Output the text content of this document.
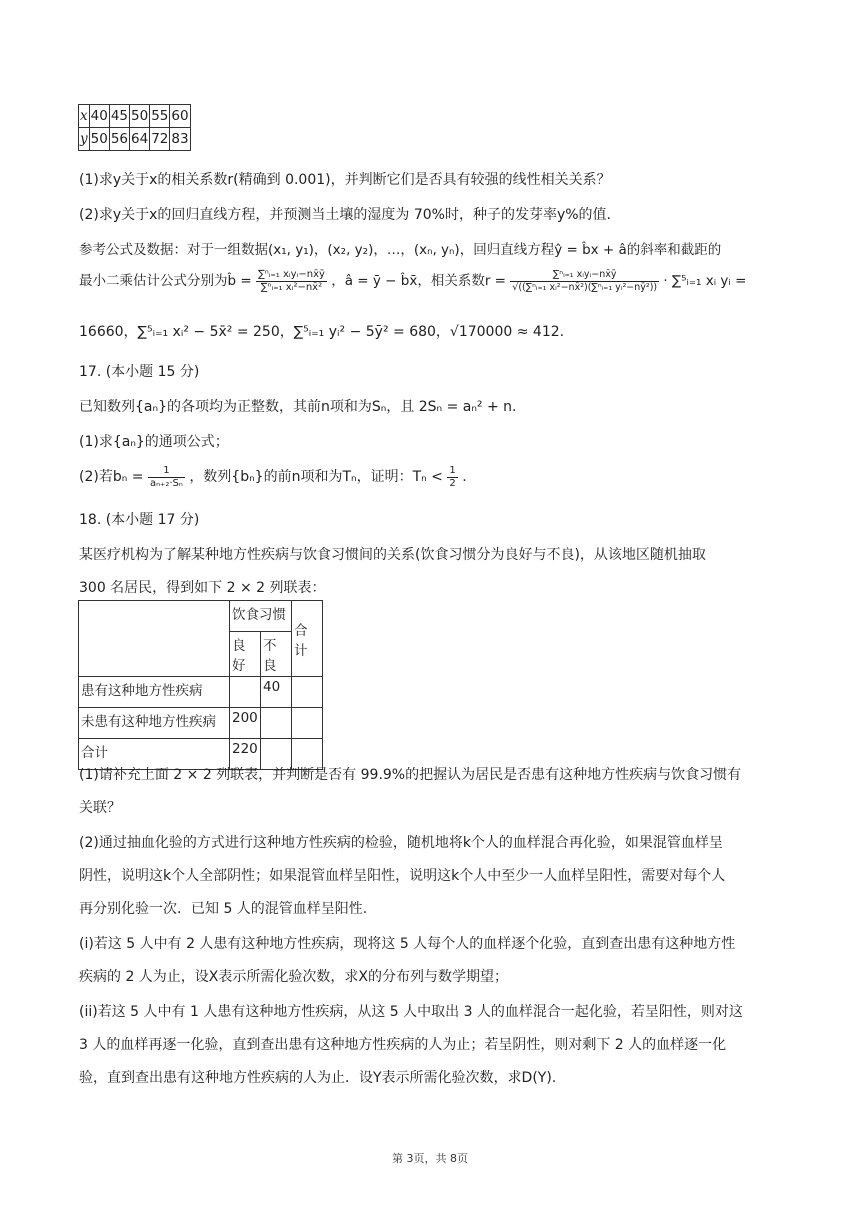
x	40	45	50	55	60
y	50	56	64	72	83
(1)求y关于x的相关系数r(精确到 0.001)，并判断它们是否具有较强的线性相关关系？
(2)求y关于x的回归直线方程，并预测当土壤的湿度为 70%时，种子的发芽率y%的值.
参考公式及数据：对于一组数据(x₁, y₁)，(x₂, y₂)，…，(xₙ, yₙ)，回归直线方程ŷ = b̂x + â的斜率和截距的
最小二乘估计公式分别为b̂ = $\frac{\text{∑ⁿᵢ₌₁ xᵢyᵢ−nx̄ȳ}}{\text{∑ⁿᵢ₌₁ xᵢ²−nx̄²}}$ ，â = ȳ − b̂x̄，相关系数$r = \frac{\text{∑ⁿᵢ₌₁ xᵢyᵢ−nx̄ȳ}}{\text{√((∑ⁿᵢ₌₁ xᵢ²−nx̄²)(∑ⁿᵢ₌₁ yᵢ²−nȳ²))}}$ · ∑⁵ᵢ₌₁ xᵢ yᵢ =
16660，∑⁵ᵢ₌₁ xᵢ² − 5x̄² = 250，∑⁵ᵢ₌₁ yᵢ² − 5ȳ² = 680，√170000 ≈ 412.
17. (本小题 15 分)
已知数列{aₙ}的各项均为正整数，其前n项和为Sₙ，且 2Sₙ = aₙ² + n.
(1)求{aₙ}的通项公式；
(2)若$b_n = \frac{1}{\text{aₙ₊₂·Sₙ}}$ ，数列{bₙ}的前n项和为Tₙ，证明：$T_n < \frac{1}{2}$ .
18. (本小题 17 分)
某医疗机构为了解某种地方性疾病与饮食习惯间的关系(饮食习惯分为良好与不良)，从该地区随机抽取
300 名居民，得到如下 2 × 2 列联表：
	饮食习惯		合计
	良好	不良	
患有这种地方性疾病		40	
未患有这种地方性疾病	200		
合计	220		
(1)请补充上面 2 × 2 列联表，并判断是否有 99.9%的把握认为居民是否患有这种地方性疾病与饮食习惯有
关联？
(2)通过抽血化验的方式进行这种地方性疾病的检验，随机地将k个人的血样混合再化验，如果混管血样呈
阴性，说明这k个人全部阴性；如果混管血样呈阳性，说明这k个人中至少一人血样呈阳性，需要对每个人
再分别化验一次．已知 5 人的混管血样呈阳性.
(i)若这 5 人中有 2 人患有这种地方性疾病，现将这 5 人每个人的血样逐个化验，直到查出患有这种地方性
疾病的 2 人为止，设X表示所需化验次数，求X的分布列与数学期望；
(ii)若这 5 人中有 1 人患有这种地方性疾病，从这 5 人中取出 3 人的血样混合一起化验，若呈阳性，则对这
3 人的血样再逐一化验，直到查出患有这种地方性疾病的人为止；若呈阴性，则对剩下 2 人的血样逐一化
验，直到查出患有这种地方性疾病的人为止．设Y表示所需化验次数，求D(Y).
第 3页，共 8页
